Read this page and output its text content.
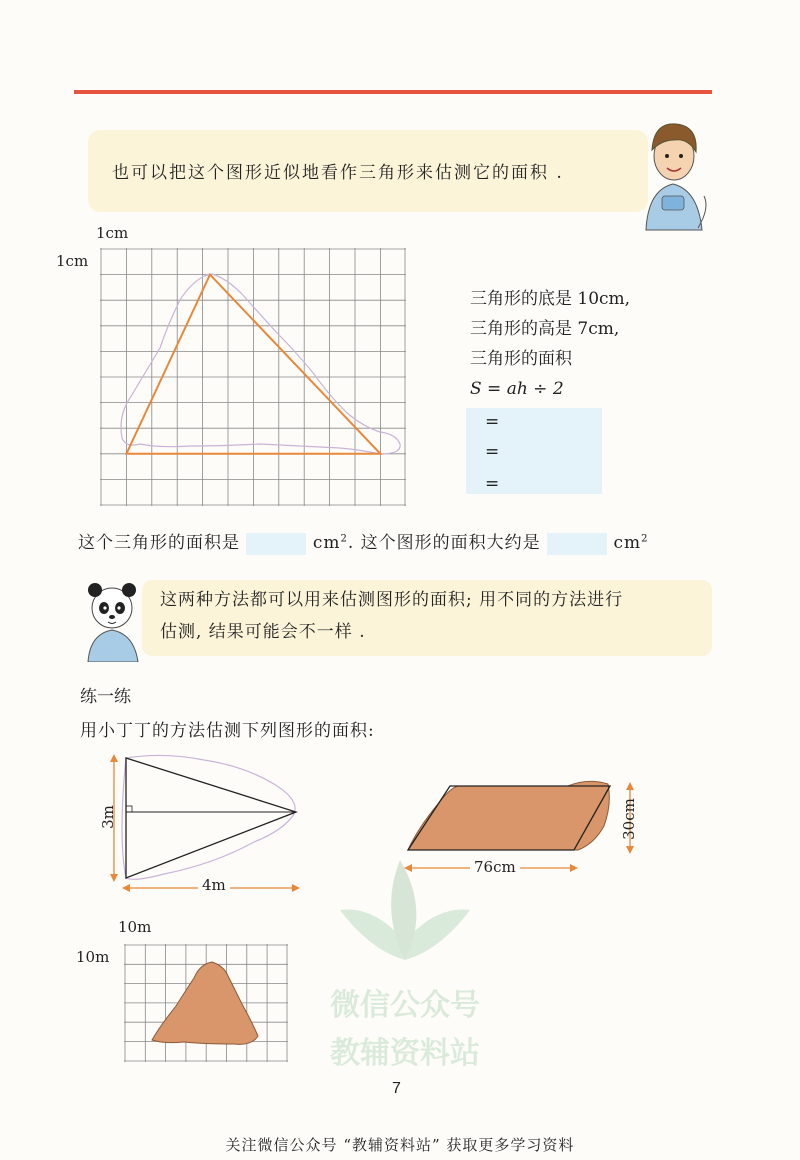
也可以把这个图形近似地看作三角形来估测它的面积 .
1cm
1cm
三角形的底是 10cm,
三角形的高是 7cm,
三角形的面积
S = ah ÷ 2
=
=
=
这个三角形的面积是	$cm^2$. 这个图形的面积大约是	$cm^2$
这两种方法都可以用来估测图形的面积; 用不同的方法进行
估测, 结果可能会不一样 .
练一练
用小丁丁的方法估测下列图形的面积:
3m
4m
30cm
76cm
10m
10m
微信公众号
教辅资料站
7
关注微信公众号 “教辅资料站” 获取更多学习资料
